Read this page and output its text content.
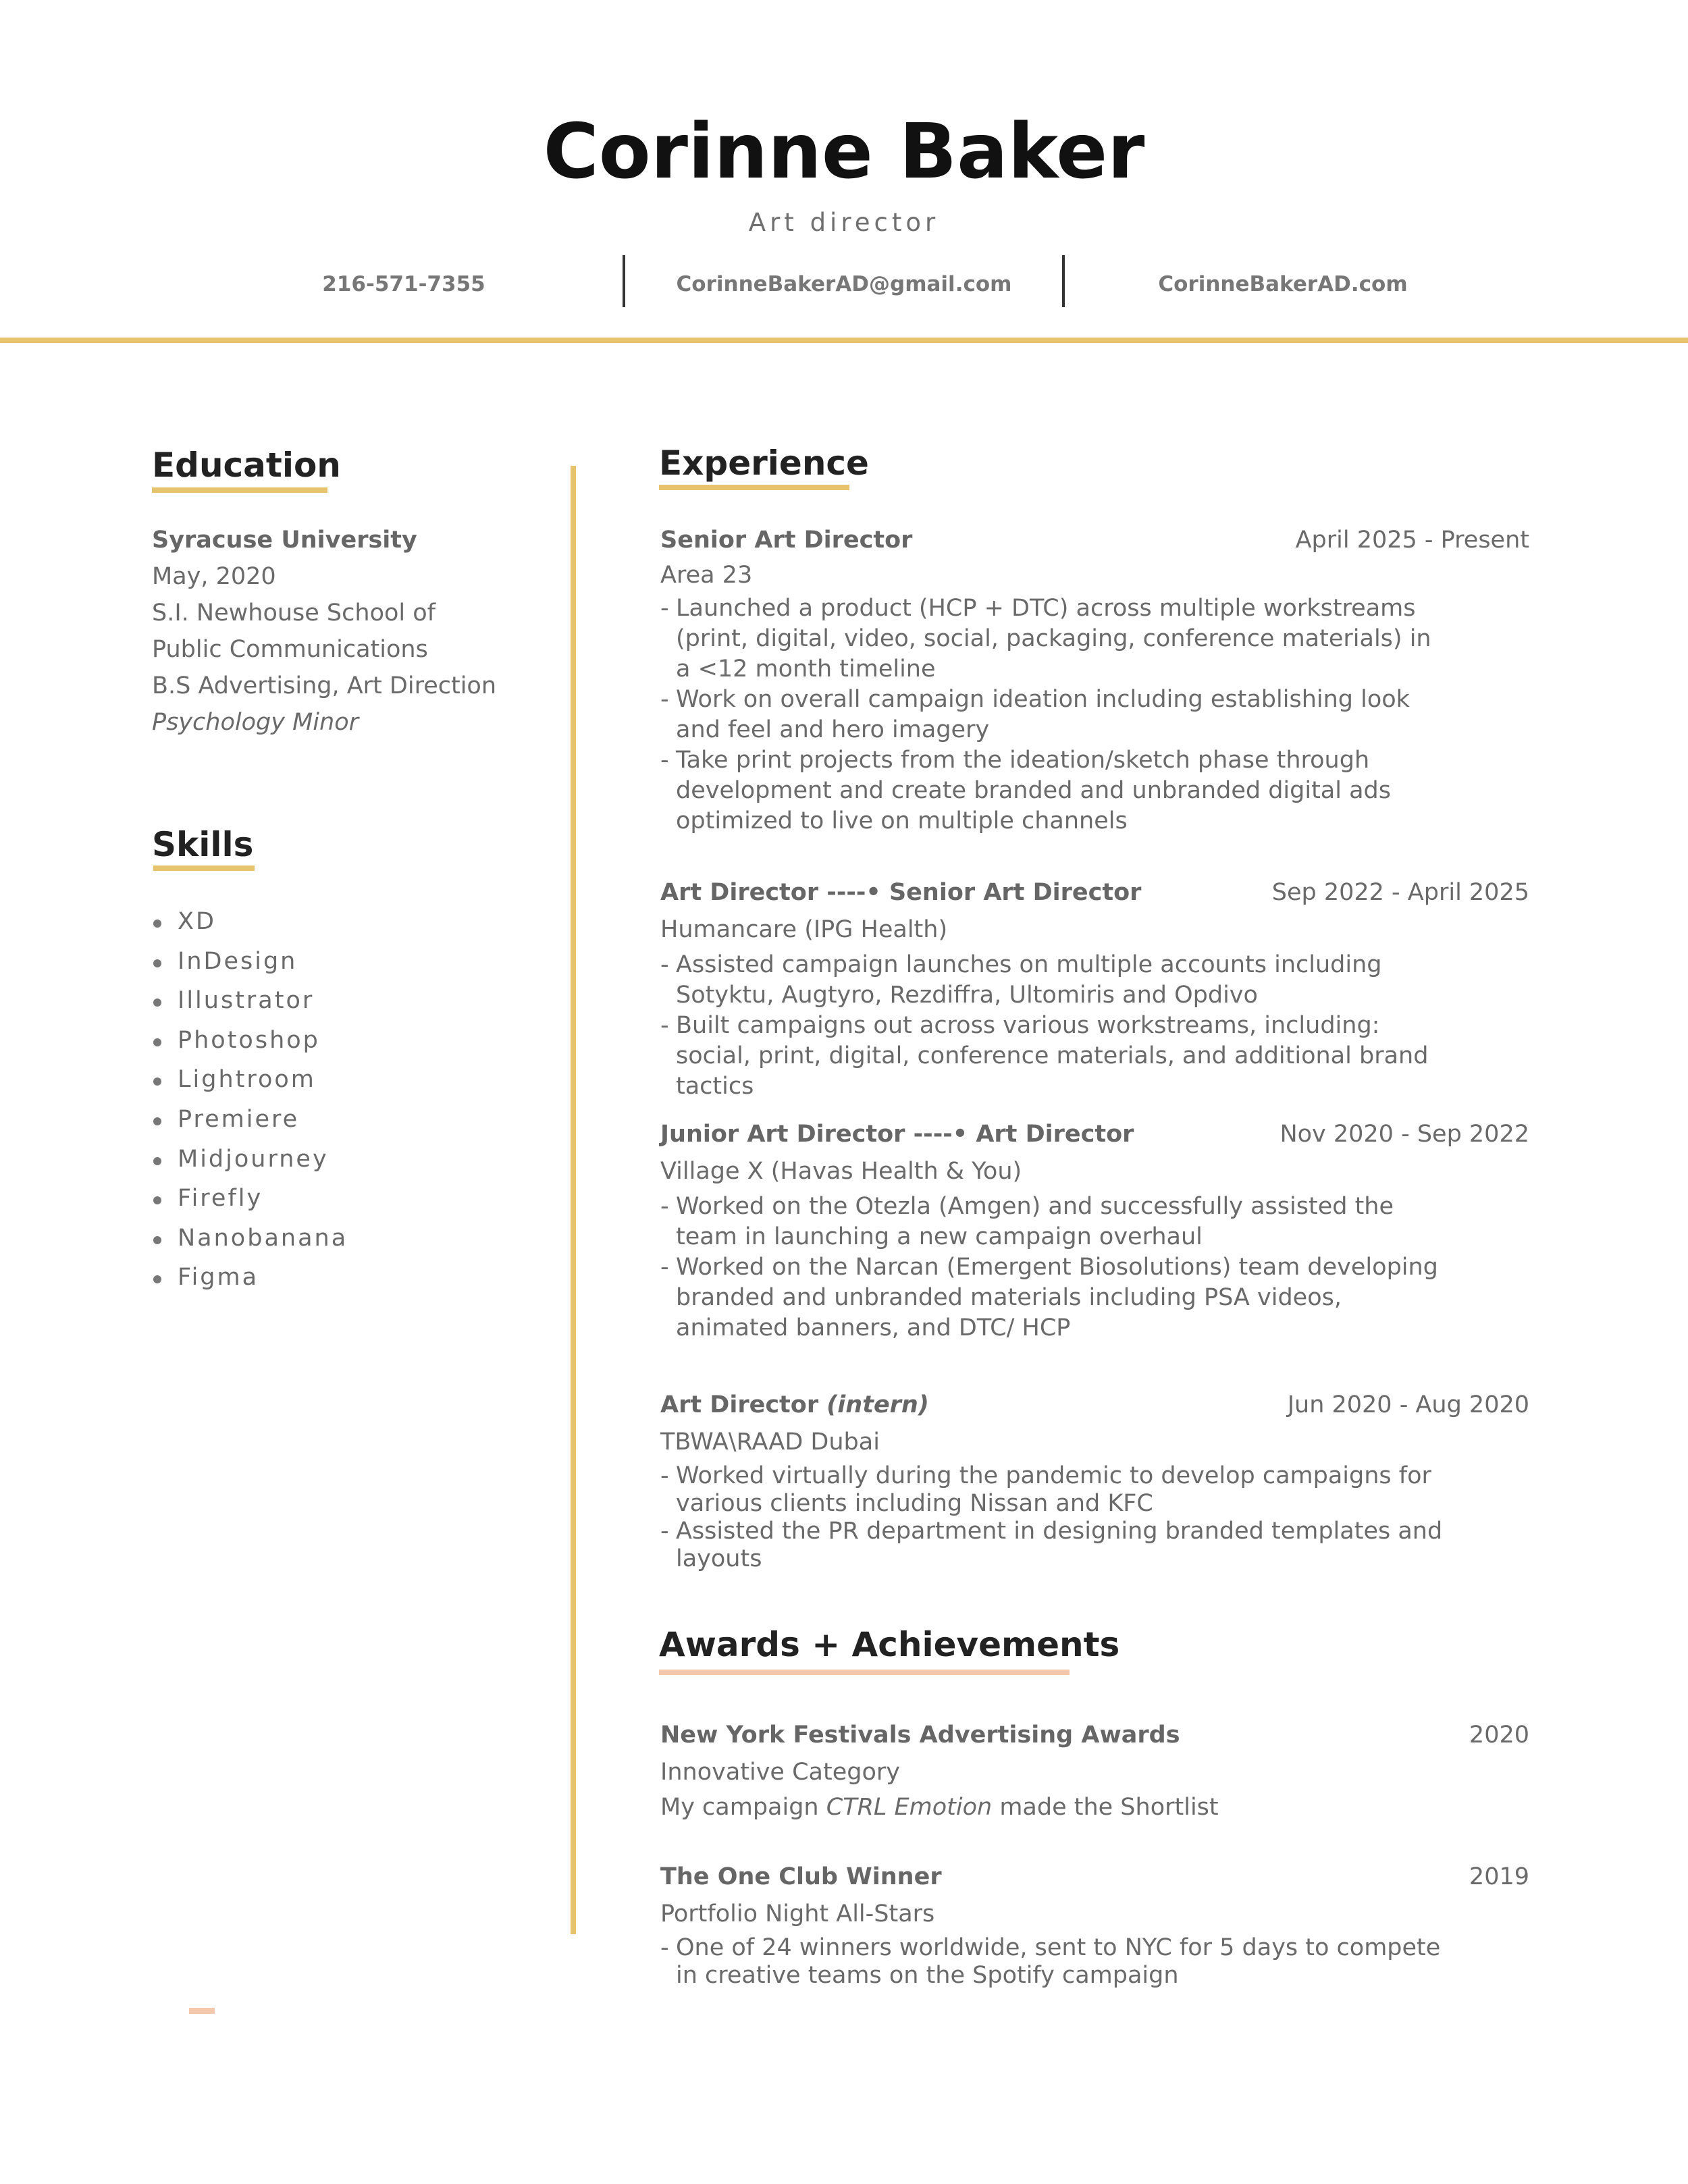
Corinne Baker
Art director
216-571-7355	CorinneBakerAD@gmail.com	CorinneBakerAD.com
Education
Syracuse University
May, 2020
S.I. Newhouse School of
Public Communications
B.S Advertising, Art Direction
Psychology Minor
Skills
XD
InDesign
Illustrator
Photoshop
Lightroom
Premiere
Midjourney
Firefly
Nanobanana
Figma
Experience
Senior Art Director	April 2025 - Present
Area 23
- Launched a product (HCP + DTC) across multiple workstreams (print, digital, video, social, packaging, conference materials) in a <12 month timeline
- Work on overall campaign ideation including establishing look and feel and hero imagery
- Take print projects from the ideation/sketch phase through development and create branded and unbranded digital ads optimized to live on multiple channels
Art Director ----• Senior Art Director	Sep 2022 - April 2025
Humancare (IPG Health)
- Assisted campaign launches on multiple accounts including Sotyktu, Augtyro, Rezdiffra, Ultomiris and Opdivo
- Built campaigns out across various workstreams, including: social, print, digital, conference materials, and additional brand tactics
Junior Art Director ----• Art Director	Nov 2020 - Sep 2022
Village X (Havas Health & You)
- Worked on the Otezla (Amgen) and successfully assisted the team in launching a new campaign overhaul
- Worked on the Narcan (Emergent Biosolutions) team developing branded and unbranded materials including PSA videos, animated banners, and DTC/ HCP
Art Director (intern)	Jun 2020 - Aug 2020
TBWA\RAAD Dubai
- Worked virtually during the pandemic to develop campaigns for various clients including Nissan and KFC
- Assisted the PR department in designing branded templates and layouts
Awards + Achievements
New York Festivals Advertising Awards	2020
Innovative Category
My campaign CTRL Emotion made the Shortlist
The One Club Winner	2019
Portfolio Night All-Stars
- One of 24 winners worldwide, sent to NYC for 5 days to compete in creative teams on the Spotify campaign
